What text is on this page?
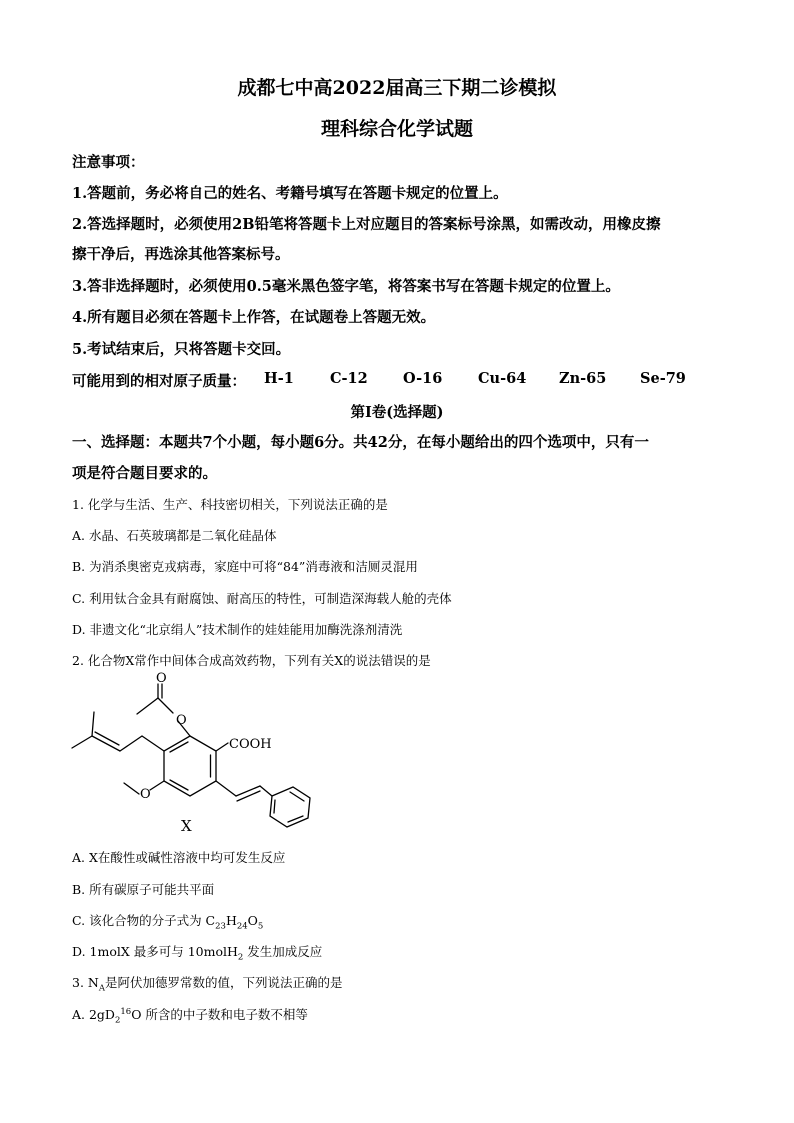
成都七中高2022届高三下期二诊模拟
理科综合化学试题
注意事项：
1.答题前，务必将自己的姓名、考籍号填写在答题卡规定的位置上。
2.答选择题时，必须使用2B铅笔将答题卡上对应题目的答案标号涂黑，如需改动，用橡皮擦
擦干净后，再选涂其他答案标号。
3.答非选择题时，必须使用0.5毫米黑色签字笔，将答案书写在答题卡规定的位置上。
4.所有题目必须在答题卡上作答，在试题卷上答题无效。
5.考试结束后，只将答题卡交回。
可能用到的相对原子质量： H-1 C-12 O-16 Cu-64 Zn-65 Se-79
第I卷(选择题)
一、选择题：本题共7个小题，每小题6分。共42分，在每小题给出的四个选项中，只有一
项是符合题目要求的。
1. 化学与生活、生产、科技密切相关，下列说法正确的是
A. 水晶、石英玻璃都是二氧化硅晶体
B. 为消杀奥密克戎病毒，家庭中可将“84”消毒液和洁厕灵混用
C. 利用钛合金具有耐腐蚀、耐高压的特性，可制造深海载人舱的壳体
D. 非遗文化“北京绢人”技术制作的娃娃能用加酶洗涤剂清洗
2. 化合物X常作中间体合成高效药物，下列有关X的说法错误的是
O
O
O
COOH
X
A. X在酸性或碱性溶液中均可发生反应
B. 所有碳原子可能共平面
C. 该化合物的分子式为 $C_{23}H_{24}O_5$
D. 1molX 最多可与 10molH$_2$ 发生加成反应
3. $N_A$是阿伏加德罗常数的值，下列说法正确的是
A. $2gD_2^{16}O$ 所含的中子数和电子数不相等
